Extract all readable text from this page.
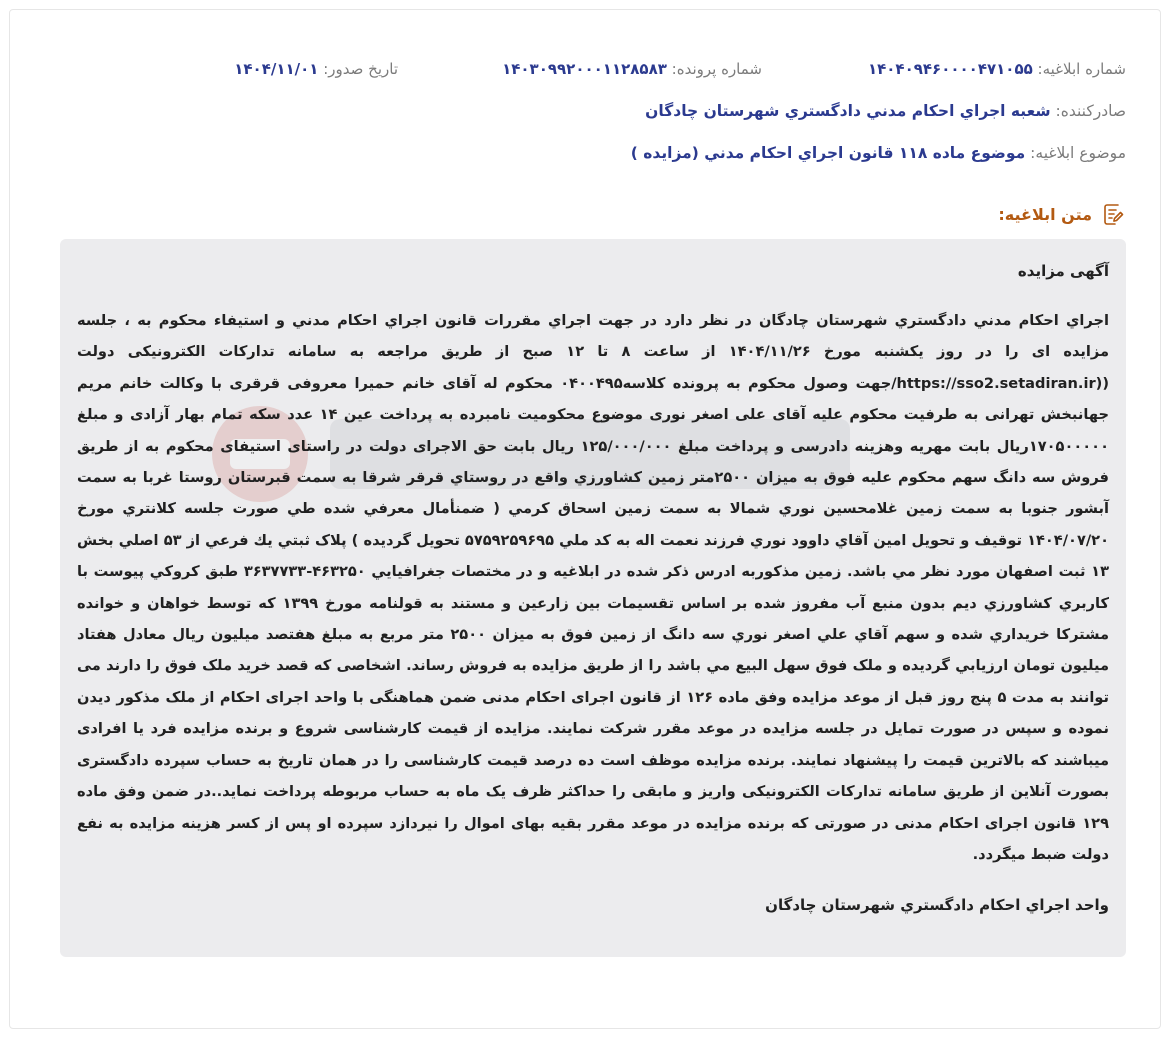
شماره ابلاغيه: ۱۴۰۴۰۹۴۶۰۰۰۰۴۷۱۰۵۵
شماره پرونده: ۱۴۰۳۰۹۹۲۰۰۰۱۱۲۸۵۸۳
تاريخ صدور: ۱۴۰۴/۱۱/۰۱
صادرکننده: شعبه اجراي احکام مدني دادگستري شهرستان چادگان
موضوع ابلاغيه: موضوع ماده ۱۱۸ قانون اجراي احکام مدني (مزايده )
متن ابلاغيه:
آگهی مزایده

اجراي احكام مدني دادگستري شهرستان چادگان در نظر دارد در جهت اجراي مقررات قانون اجراي احكام مدني و استيفاء محكوم به ، جلسه مزايده ای را در روز يکشنبه مورخ ۱۴۰۴/۱۱/۲۶ از ساعت ۸ تا ۱۲ صبح از طريق مراجعه به سامانه تداركات الكترونيكی دولت ((https://sso2.setadiran.ir/جهت وصول محکوم به پرونده کلاسه۰۴۰۰۴۹۵ محکوم له آقای خانم حمیرا معروفی قرقری با وکالت خانم مریم جهانبخش تهرانی به طرفیت محکوم علیه آقای علی اصغر نوری موضوع محکومیت نامبرده به پرداخت عین ۱۴ عدد سکه تمام بهار آزادی و مبلغ ۱۷۰۵۰۰۰۰۰ریال بابت مهریه وهزینه دادرسی و پرداخت مبلغ ۱۲۵/۰۰۰/۰۰۰ ریال بابت حق الاجرای دولت در راستای استیفای محکوم به از طریق فروش سه دانگ سهم محکوم علیه فوق به میزان ۲۵۰۰متر زمين کشاورزي واقع در روستاي قرقر شرقا به سمت قبرستان روستا غربا به سمت آبشور جنوبا به سمت زمين غلامحسين نوري شمالا به سمت زمين اسحاق کرمي ( ضمنأمال معرفي شده طي صورت جلسه کلانتري مورخ ۱۴۰۴/۰۷/۲۰ توقيف و تحويل امين آقاي داوود نوري فرزند نعمت اله به کد ملي ۵۷۵۹۲۵۹۶۹۵ تحويل گرديده ) پلاک ثبتي يك فرعي از ۵۳ اصلي بخش ۱۳ ثبت اصفهان مورد نظر مي باشد. زمين مذکوربه ادرس ذکر شده در ابلاغيه و در مختصات جغرافيايي ۴۶۳۲۵۰-۳۶۳۷۷۳۳ طبق کروکي پيوست با کاربري کشاورزي ديم بدون منبع آب مفروز شده بر اساس تقسيمات بين زارعين و مستند به قولنامه مورخ ۱۳۹۹ که توسط خواهان و خوانده مشترکا خريداري شده و سهم آقاي علي اصغر نوري سه دانگ از زمين فوق به ميزان ۲۵۰۰ متر مربع به مبلغ هفتصد ميليون ريال معادل هفتاد ميليون تومان ارزيابي گرديده و ملک فوق سهل البيع مي باشد را از طريق مزايده به فروش رساند. اشخاصی كه قصد خريد ملک فوق را دارند می توانند به مدت ۵ پنج روز قبل از موعد مزايده وفق ماده ۱۲۶ از قانون اجرای احكام مدنی ضمن هماهنگی با واحد اجرای احكام از ملک مذكور ديدن نموده و سپس در صورت تمايل در جلسه مزايده در موعد مقرر شركت نمايند. مزايده از قيمت كارشناسی شروع و برنده مزايده فرد يا افرادی ميباشند كه بالاترين قيمت را پيشنهاد نمايند. برنده مزايده موظف است ده درصد قيمت كارشناسی را در همان تاريخ به حساب سپرده دادگستری بصورت آنلاين از طريق سامانه تداركات الكترونيكی واريز و مابقی را حداكثر ظرف يک ماه به حساب مربوطه پرداخت نمايد..در ضمن وفق ماده ۱۲۹ قانون اجرای احكام مدنی در صورتی كه برنده مزايده در موعد مقرر بقيه بهای اموال را نيردازد سپرده او پس از كسر هزينه مزايده به نفع دولت ضبط ميگردد.

واحد اجراي احكام دادگستري شهرستان چادگان
